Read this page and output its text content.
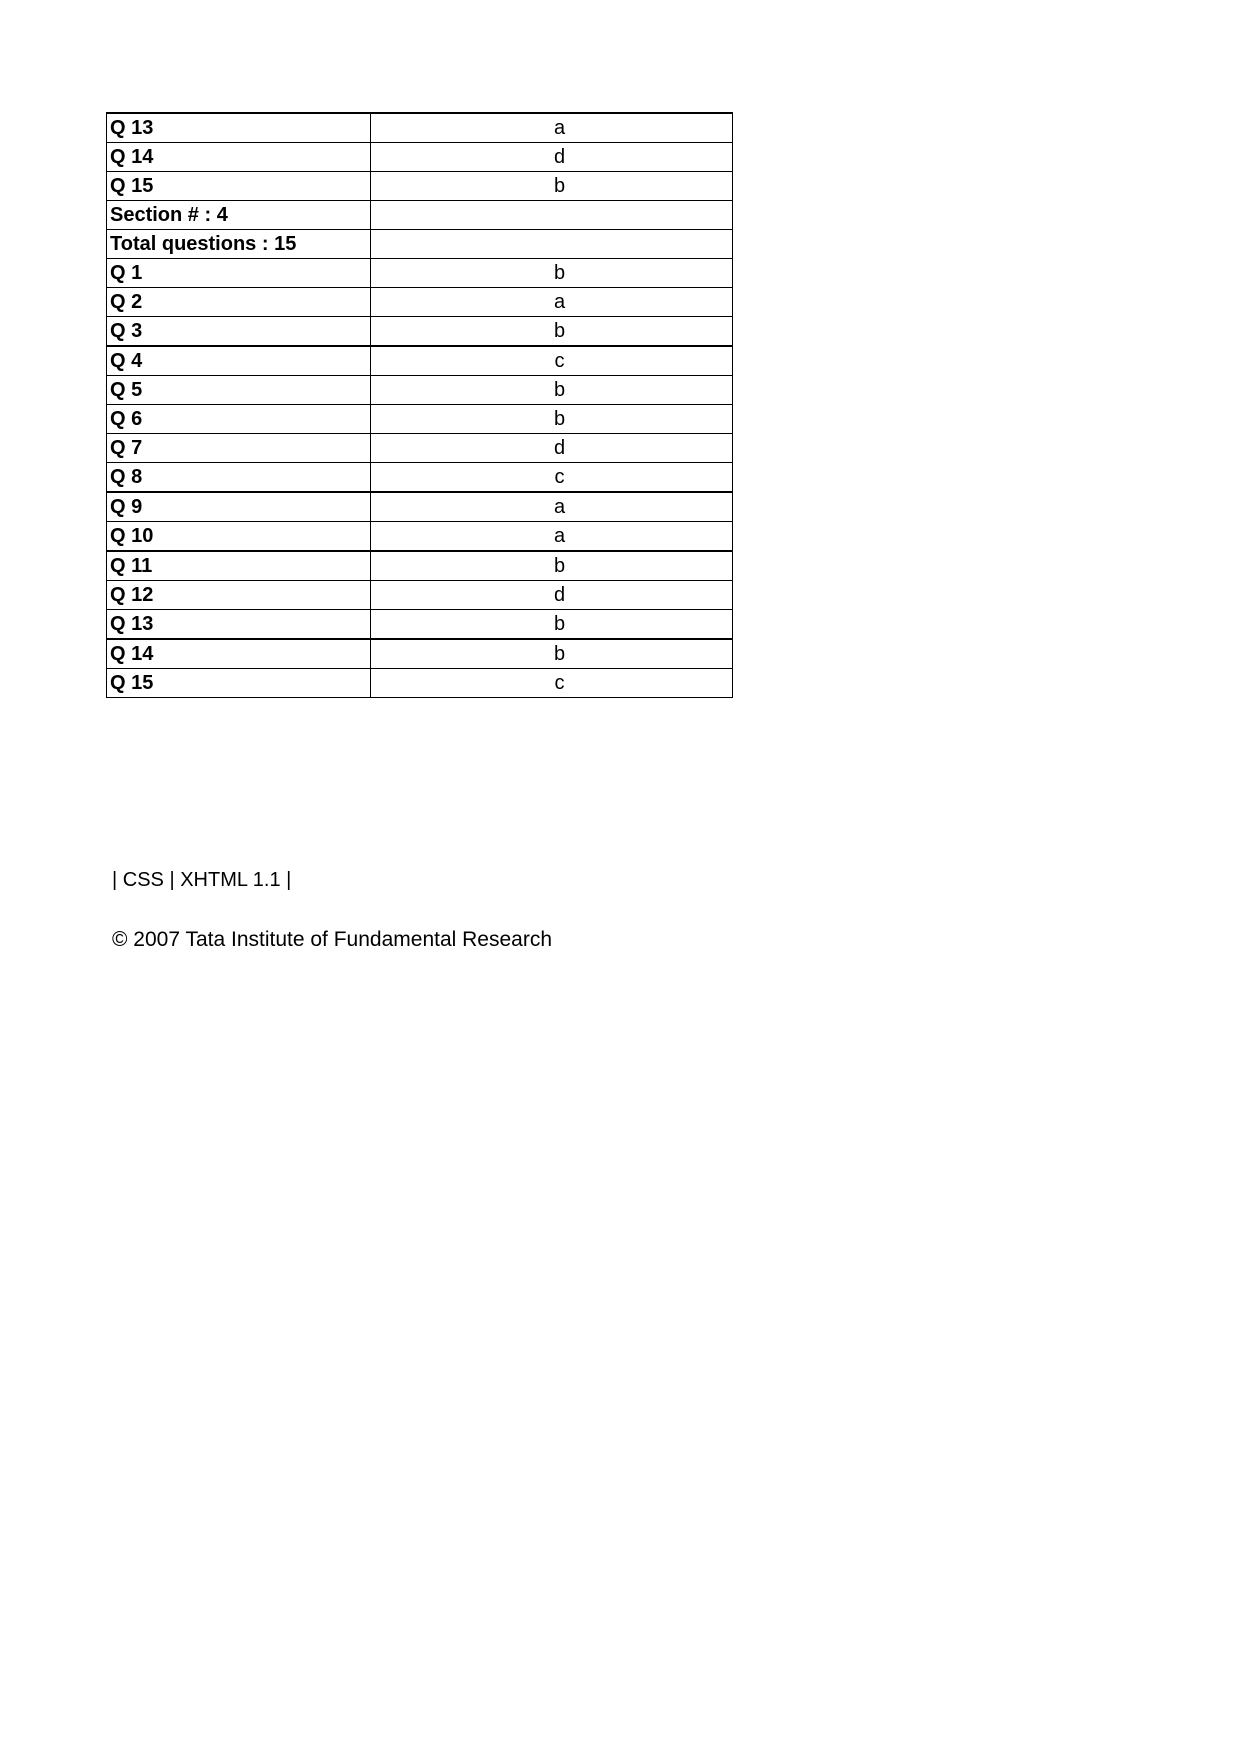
Q 13	a
Q 14	d
Q 15	b
Section # : 4	
Total questions : 15	
Q 1	b
Q 2	a
Q 3	b
Q 4	c
Q 5	b
Q 6	b
Q 7	d
Q 8	c
Q 9	a
Q 10	a
Q 11	b
Q 12	d
Q 13	b
Q 14	b
Q 15	c
| CSS | XHTML 1.1 |
© 2007 Tata Institute of Fundamental Research
